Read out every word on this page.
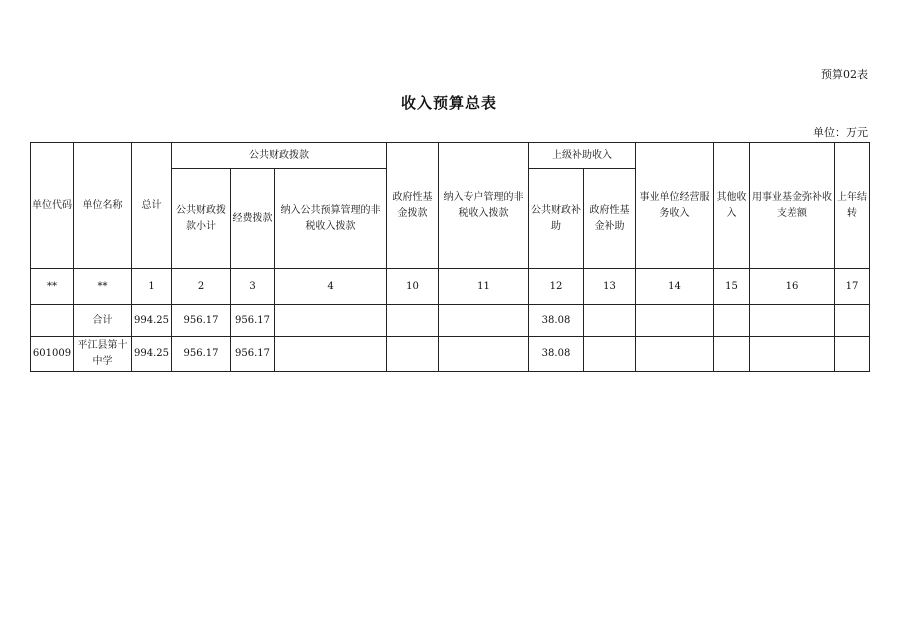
预算02表
收入预算总表
单位：万元
单位代码	单位名称	总计	公共财政拨款			政府性基金拨款	纳入专户管理的非税收入拨款	上级补助收入		事业单位经营服务收入	其他收入	用事业基金弥补收支差额	上年结转
			公共财政拨款小计	经费拨款	纳入公共预算管理的非税收入拨款			公共财政补助	政府性基金补助				
**	**	1	2	3	4	10	11	12	13	14	15	16	17
	合计	994.25	956.17	956.17				38.08					
601009	平江县第十中学	994.25	956.17	956.17				38.08					
